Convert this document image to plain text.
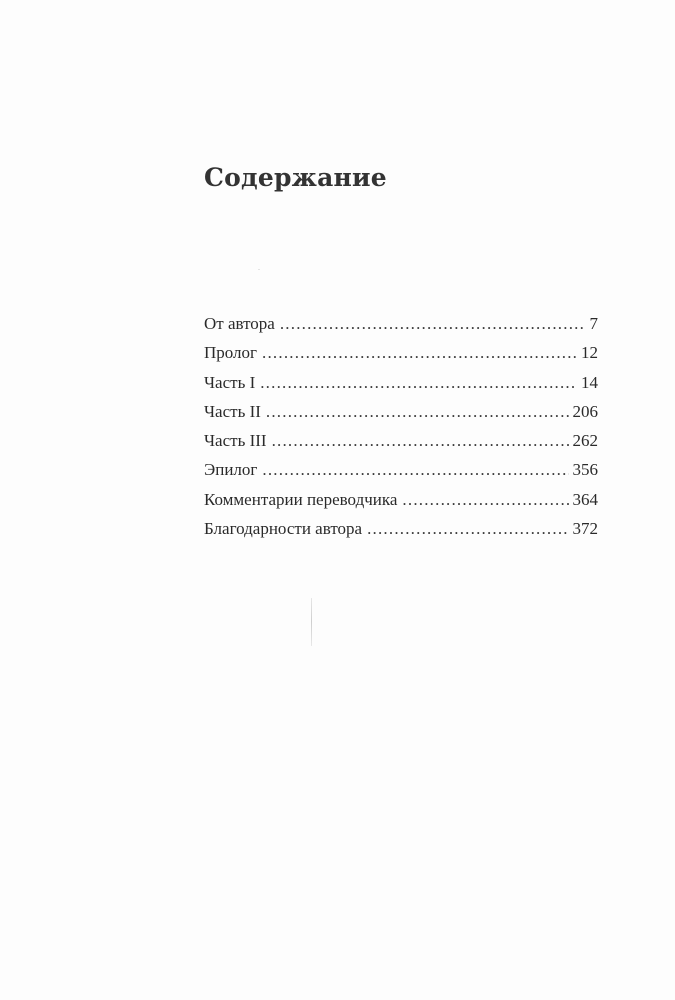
Содержание
От автора .....	7
Пролог .....	12
Часть I .....	14
Часть II .....	206
Часть III .....	262
Эпилог .....	356
Комментарии переводчика .....	364
Благодарности автора .....	372
